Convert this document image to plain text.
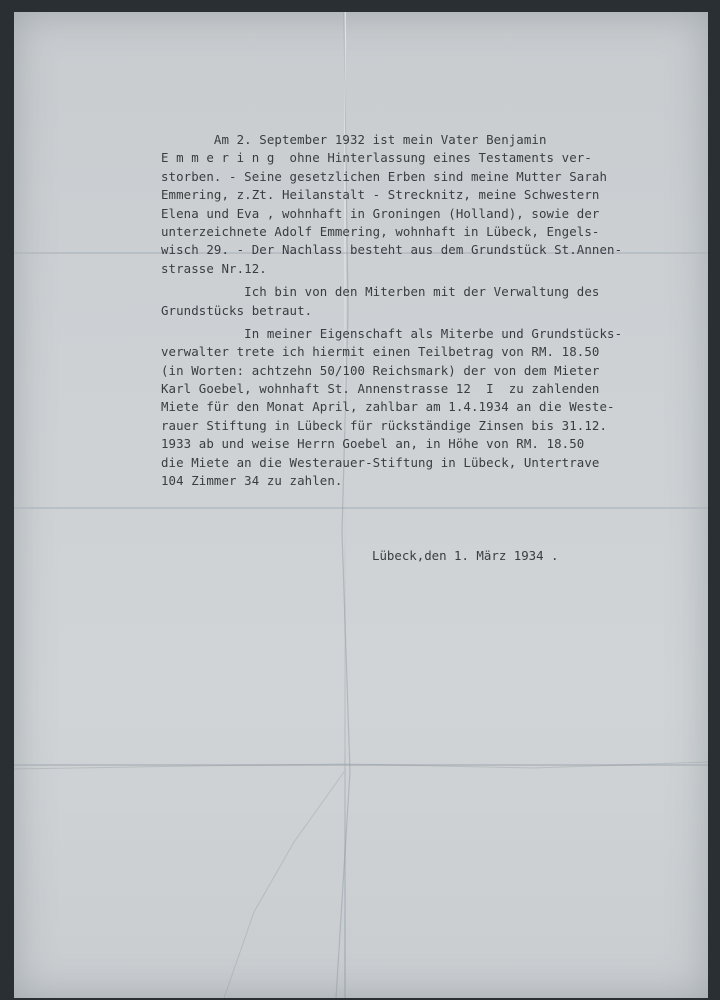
Am 2. September 1932 ist mein Vater Benjamin
E m m e r i n g  ohne Hinterlassung eines Testaments ver-
storben. - Seine gesetzlichen Erben sind meine Mutter Sarah
Emmering, z.Zt. Heilanstalt - Strecknitz, meine Schwestern
Elena und Eva , wohnhaft in Groningen (Holland), sowie der
unterzeichnete Adolf Emmering, wohnhaft in Lübeck, Engels-
wisch 29. - Der Nachlass besteht aus dem Grundstück St.Annen-
strasse Nr.12.
Ich bin von den Miterben mit der Verwaltung des
Grundstücks betraut.
In meiner Eigenschaft als Miterbe und Grundstücks-
verwalter trete ich hiermit einen Teilbetrag von RM. 18.50
(in Worten: achtzehn 50/100 Reichsmark) der von dem Mieter
Karl Goebel, wohnhaft St. Annenstrasse 12  I  zu zahlenden
Miete für den Monat April, zahlbar am 1.4.1934 an die Westе-
rauer Stiftung in Lübeck für rückständige Zinsen bis 31.12.
1933 ab und weise Herrn Goebel an, in Höhe von RM. 18.50
die Miete an die Westerauer-Stiftung in Lübeck, Untertrave
104 Zimmer 34 zu zahlen.
Lübeck,den 1. März 1934 .
